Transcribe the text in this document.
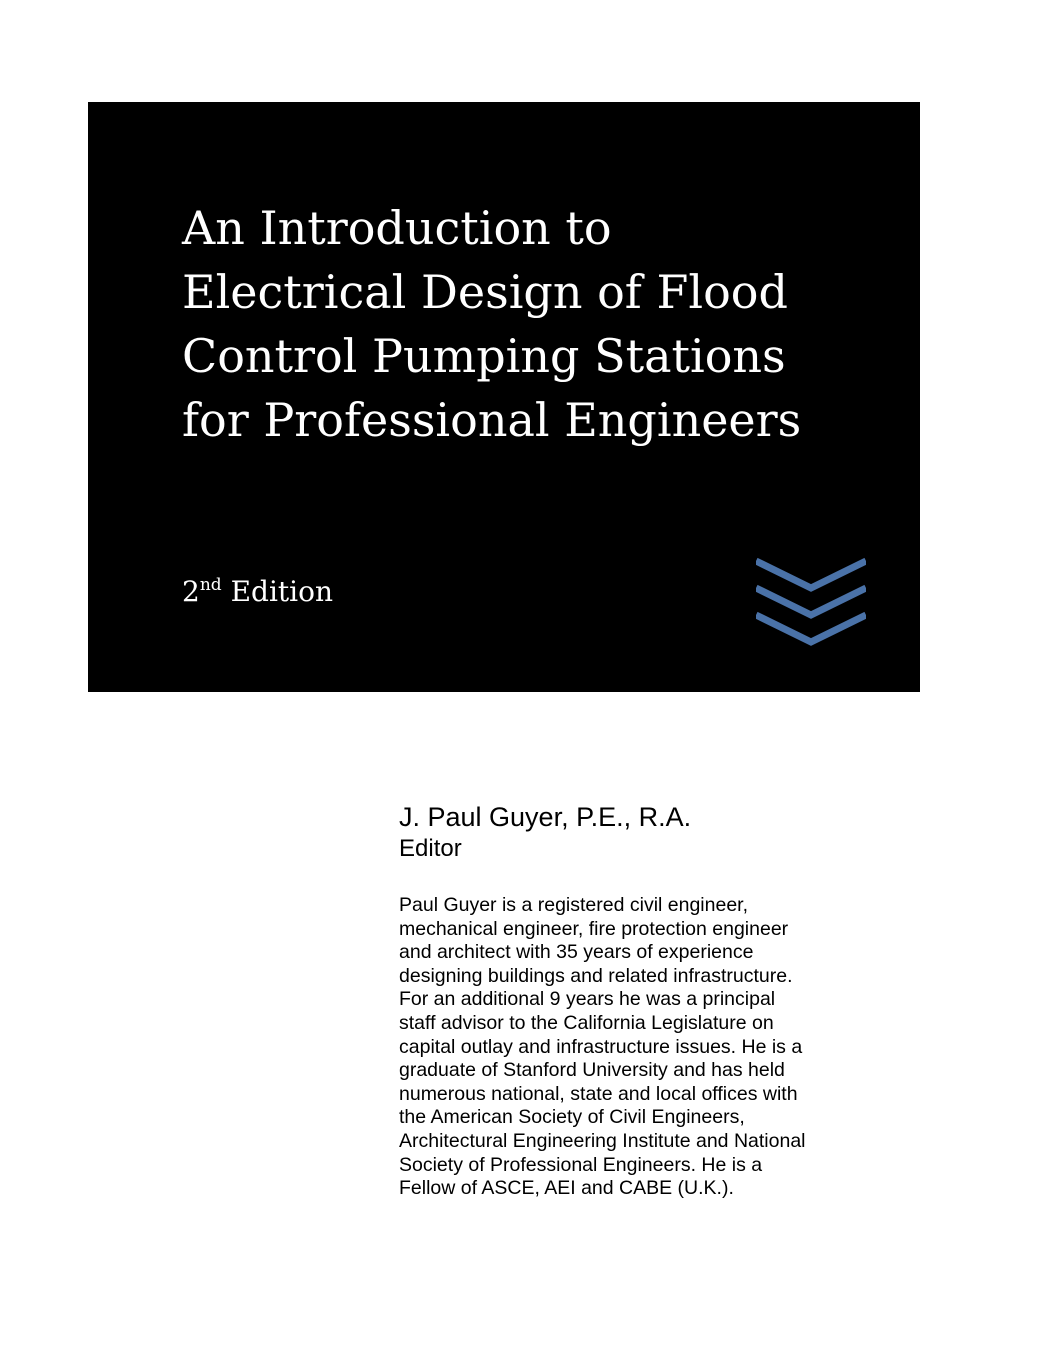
An Introduction to
Electrical Design of Flood
Control Pumping Stations
for Professional Engineers
2nd Edition
J. Paul Guyer, P.E., R.A.

Editor

Paul Guyer is a registered civil engineer,
mechanical engineer, fire protection engineer
and architect with 35 years of experience
designing buildings and related infrastructure.
For an additional 9 years he was a principal
staff advisor to the California Legislature on
capital outlay and infrastructure issues. He is a
graduate of Stanford University and has held
numerous national, state and local offices with
the American Society of Civil Engineers,
Architectural Engineering Institute and National
Society of Professional Engineers. He is a
Fellow of ASCE, AEI and CABE (U.K.).
